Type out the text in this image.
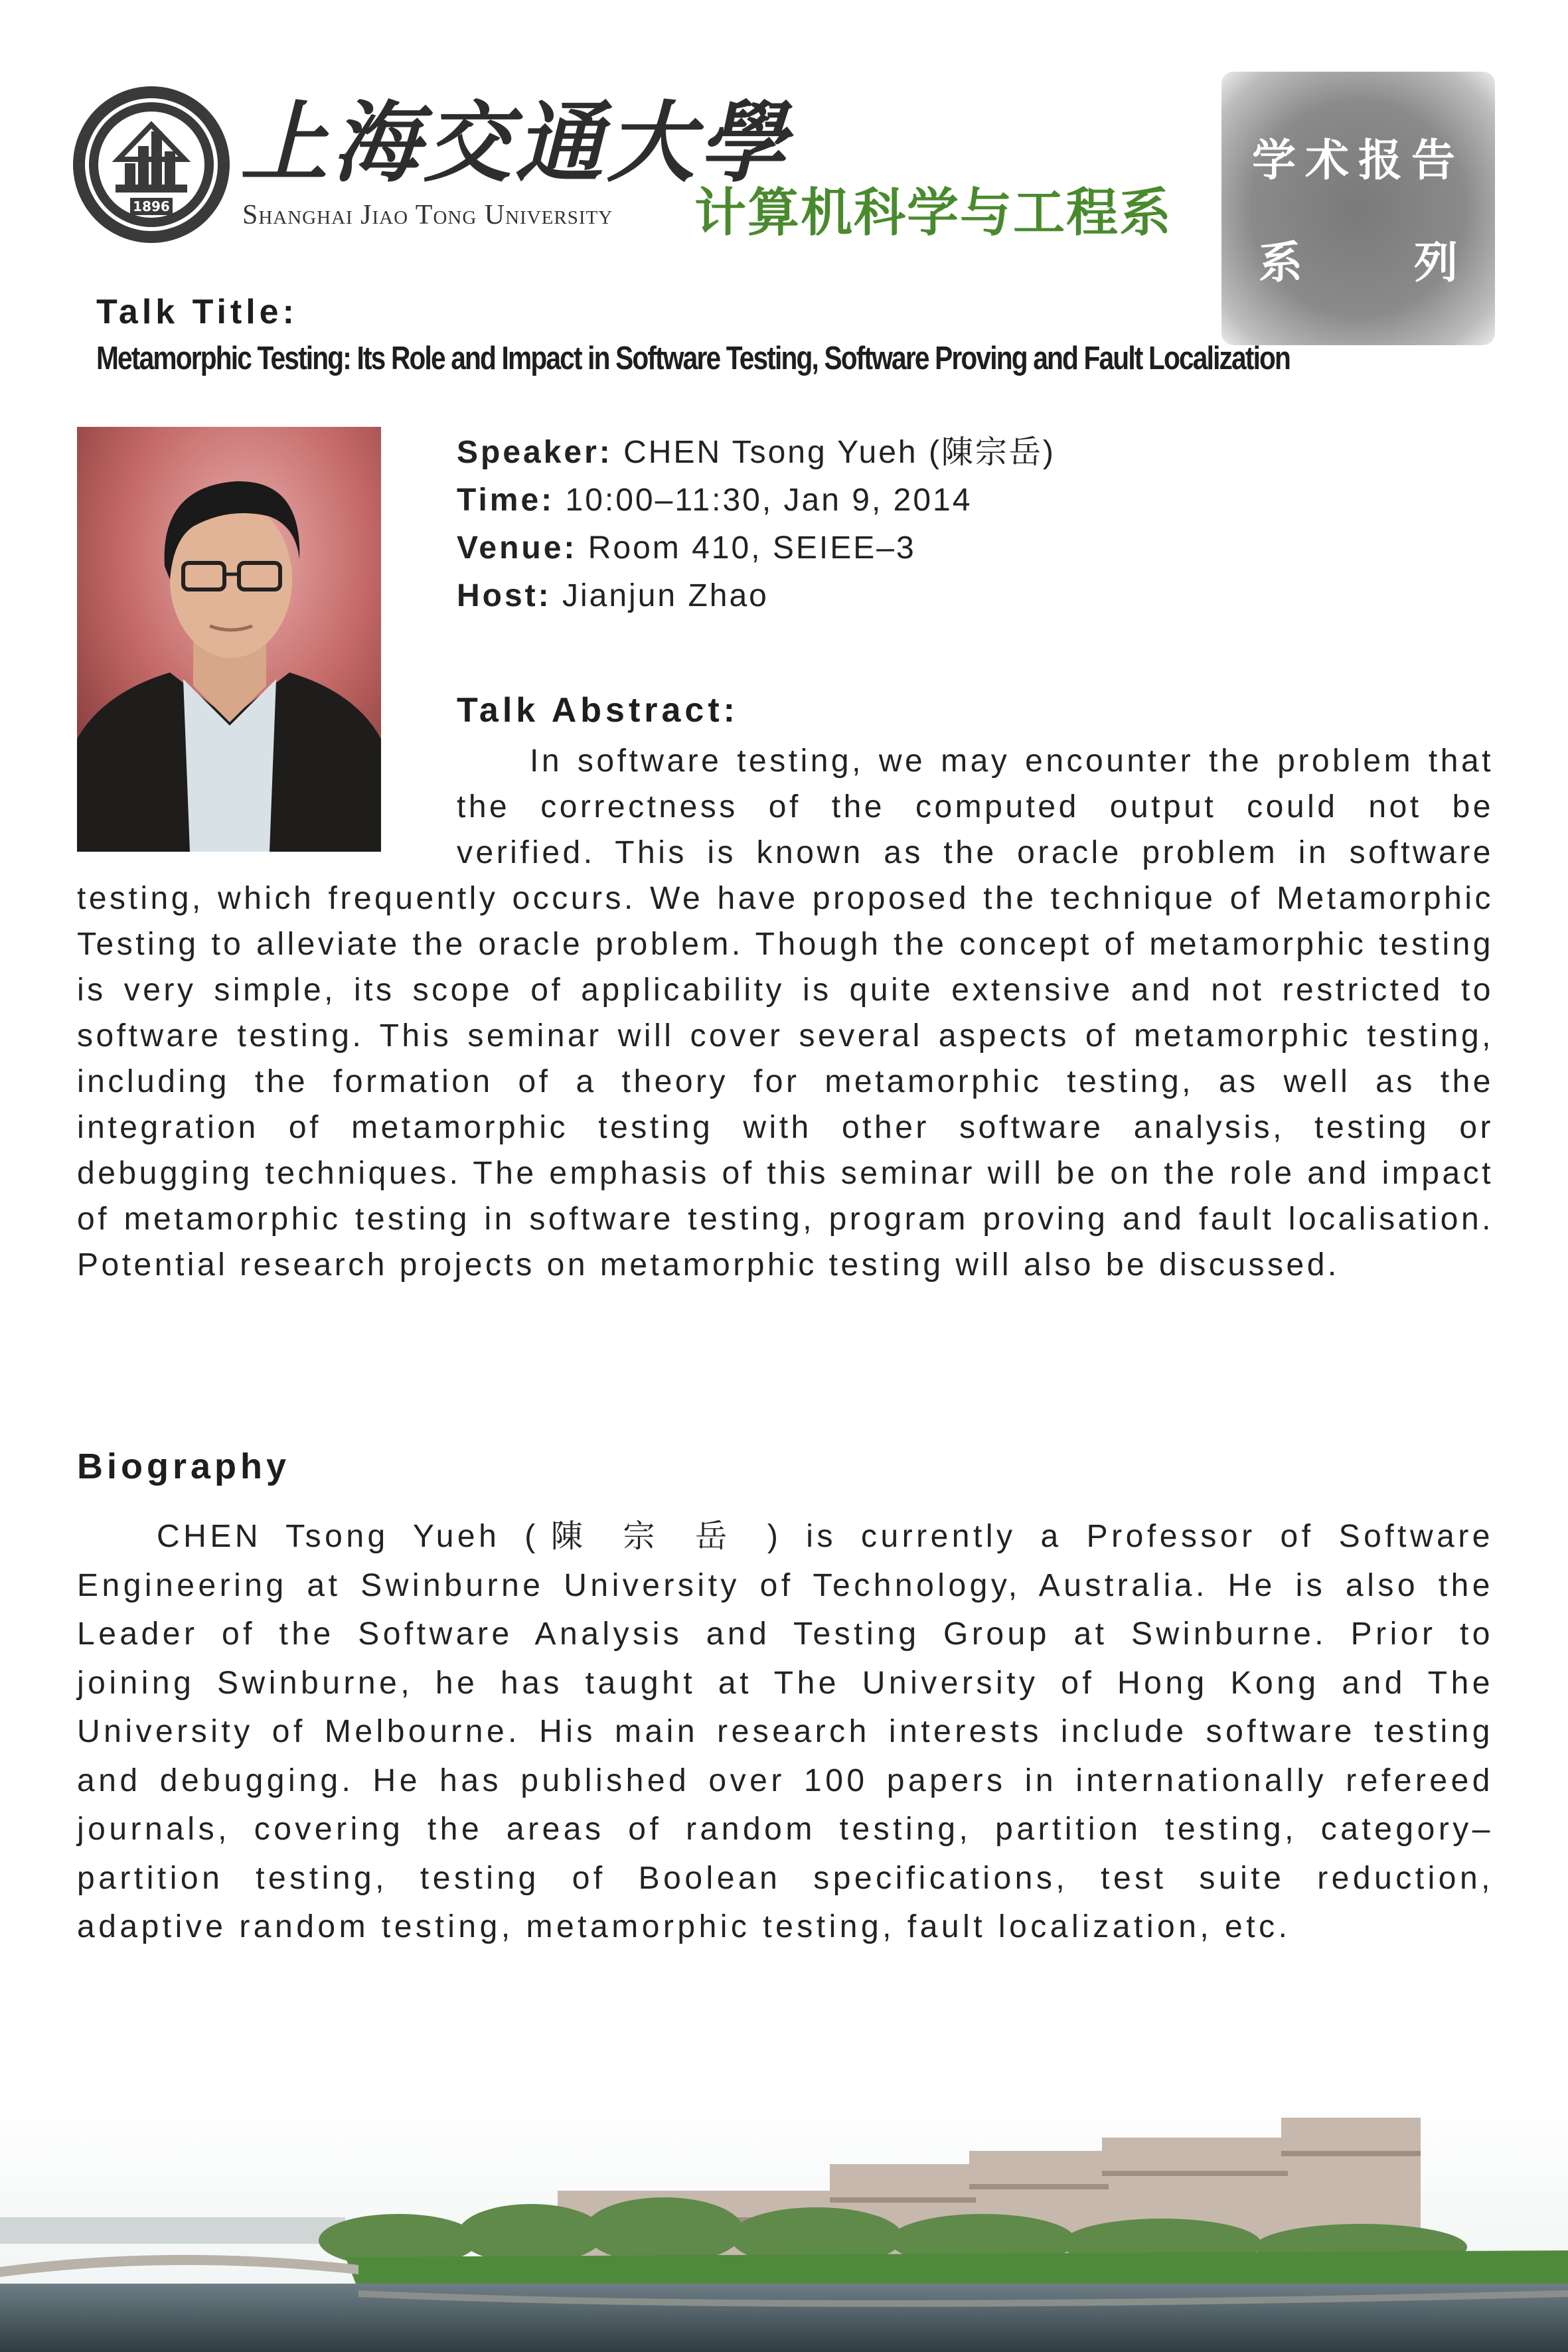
1896
上海交通大學
Shanghai Jiao Tong University 计算机科学与工程系
学术报告
系	列
Talk Title:
Metamorphic Testing: Its Role and Impact in Software Testing, Software Proving and Fault Localization
Speaker: CHEN Tsong Yueh (陳宗岳)
Time: 10:00–11:30, Jan 9, 2014
Venue: Room 410, SEIEE–3
Host: Jianjun Zhao
Talk Abstract:
In software testing, we may encounter the problem that the correctness of the computed output could not be verified. This is known as the oracle problem in software testing, which frequently occurs. We have proposed the technique of Metamorphic Testing to alleviate the oracle problem. Though the concept of metamorphic testing is very simple, its scope of applicability is quite extensive and not restricted to software testing. This seminar will cover several aspects of metamorphic testing, including the formation of a theory for metamorphic testing, as well as the integration of metamorphic testing with other software analysis, testing or debugging techniques. The emphasis of this seminar will be on the role and impact of metamorphic testing in software testing, program proving and fault localisation. Potential research projects on metamorphic testing will also be discussed.
Biography
CHEN Tsong Yueh (陳 宗 岳 ) is currently a Professor of Software Engineering at Swinburne University of Technology, Australia. He is also the Leader of the Software Analysis and Testing Group at Swinburne. Prior to joining Swinburne, he has taught at The University of Hong Kong and The University of Melbourne. His main research interests include software testing and debugging. He has published over 100 papers in internationally refereed journals, covering the areas of random testing, partition testing, category–partition testing, testing of Boolean specifications, test suite reduction, adaptive random testing, metamorphic testing, fault localization, etc.
